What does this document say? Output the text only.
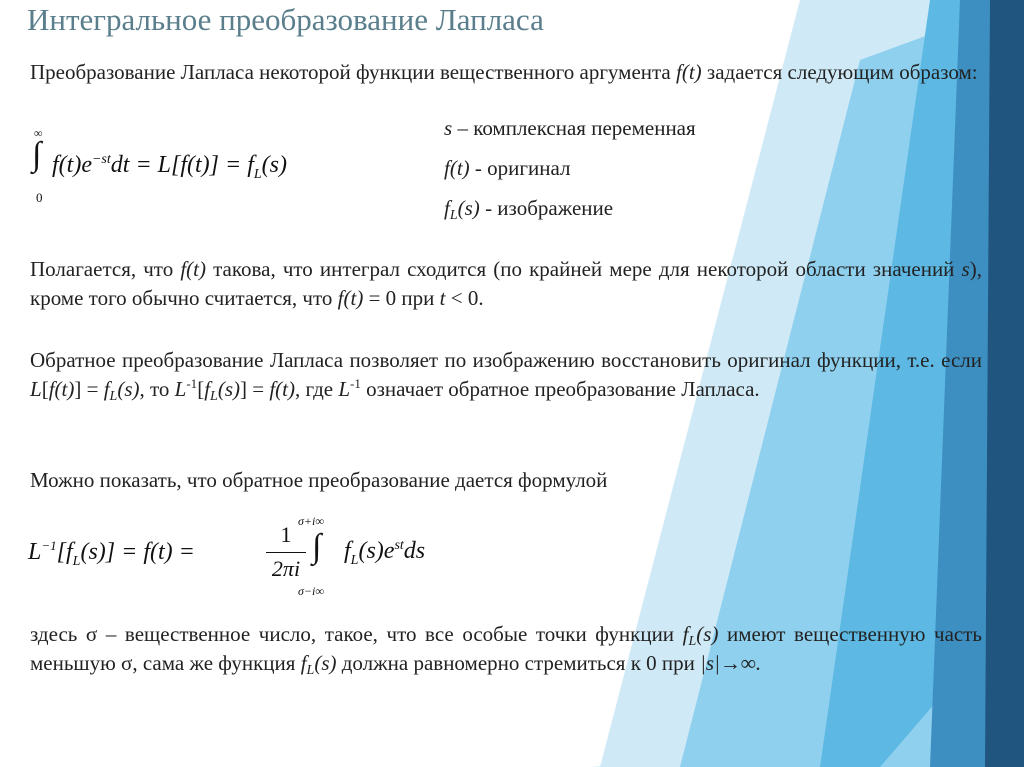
Интегральное преобразование Лапласа

Преобразование Лапласа некоторой функции вещественного аргумента f(t) задается следующим образом:

∞
∫
0
$f(t)e^{-st}dt = L[f(t)] = f_L(s)$

s – комплексная переменная

f(t) - оригинал

$f_L(s)$ - изображение

Полагается, что f(t) такова, что интеграл сходится (по крайней мере для некоторой области значений s), кроме того обычно считается, что f(t) = 0 при t < 0.

Обратное преобразование Лапласа позволяет по изображению восстановить оригинал функции, т.е. если $L[f(t)] = f_L(s)$, то $L^{-1}[f_L(s)] = f(t)$, где $L^{-1}$ означает обратное преобразование Лапласа.

Можно показать, что обратное преобразование дается формулой

$L^{-1}[f_L(s)] = f(t)$ =
1
2πi
σ+i∞
∫
σ−i∞
$f_L(s)e^{st}ds$

здесь σ – вещественное число, такое, что все особые точки функции $f_L(s)$ имеют вещественную часть меньшую σ, сама же функция $f_L(s)$ должна равномерно стремиться к 0 при |s|→∞.
